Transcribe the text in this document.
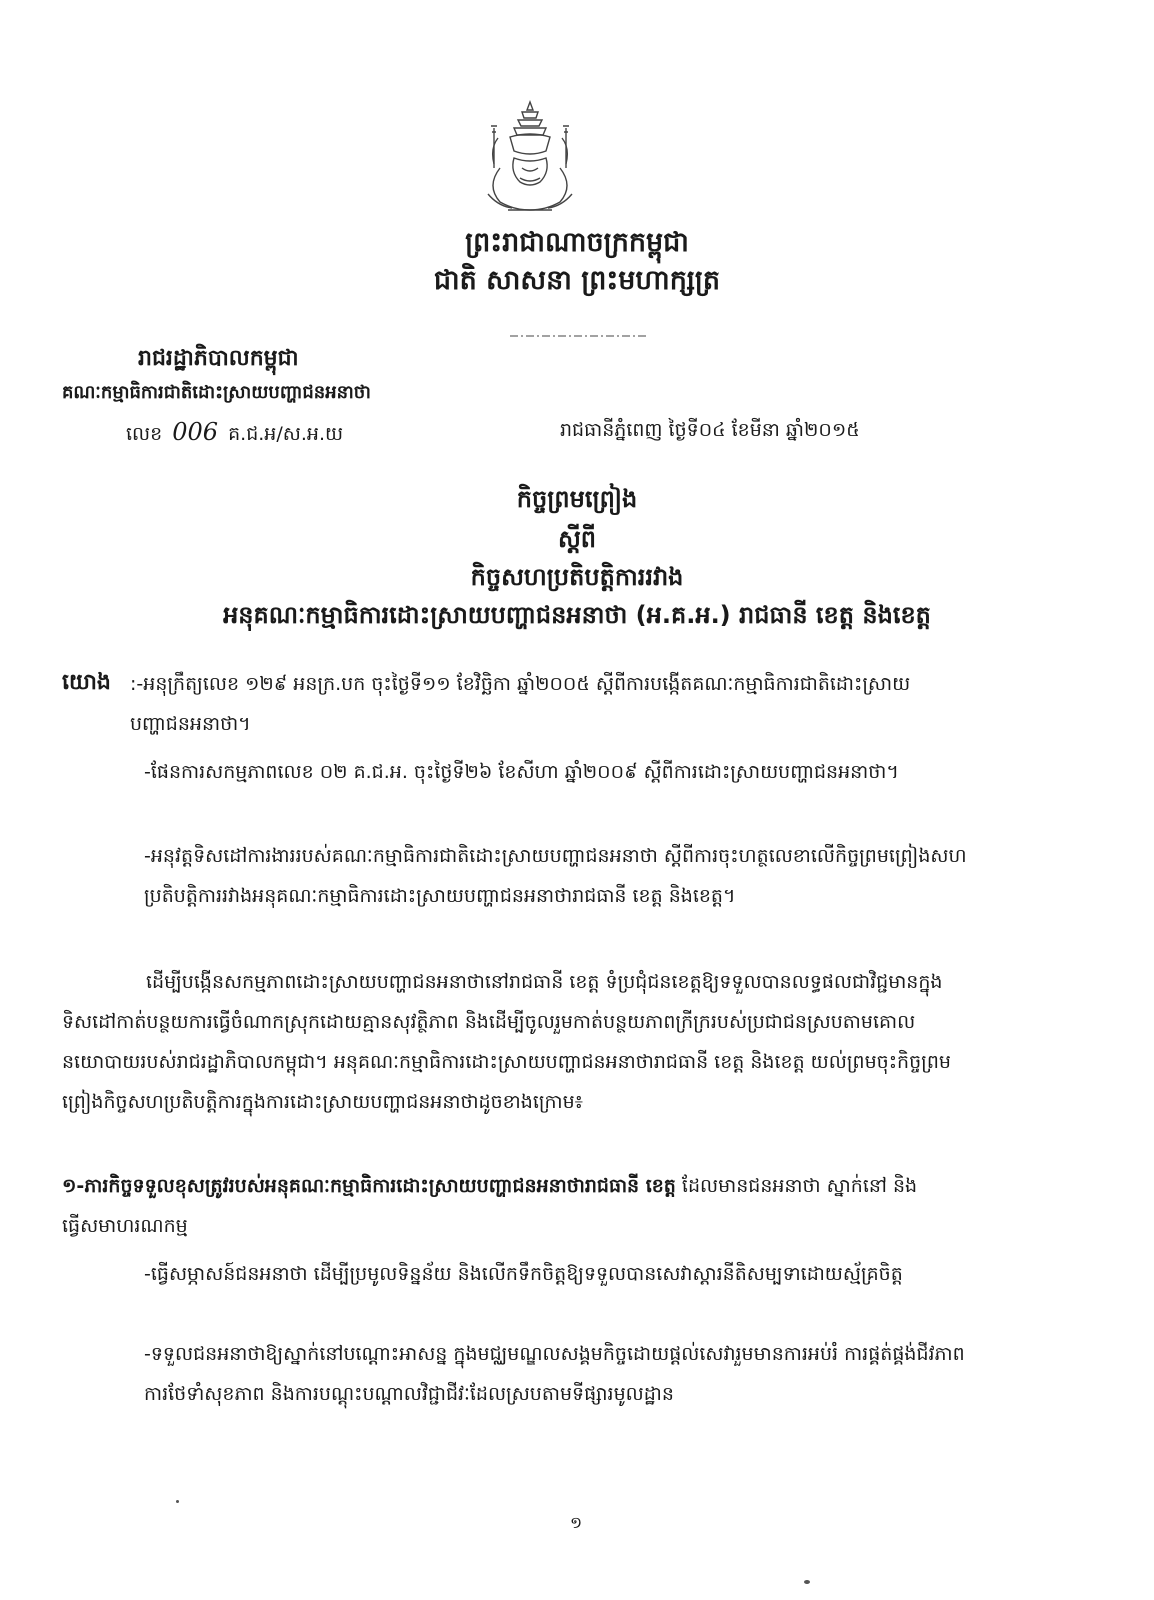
ព្រះរាជាណាចក្រកម្ពុជា
ជាតិ សាសនា ព្រះមហាក្សត្រ
រាជរដ្ឋាភិបាលកម្ពុជា
គណៈកម្មាធិការជាតិដោះស្រាយបញ្ហាជនអនាថា
លេខ 006 គ.ជ.អ/ស.អ.យ	រាជធានីភ្នំពេញ ថ្ងៃទី០៤ ខែមីនា ឆ្នាំ២០១៥
កិច្ចព្រមព្រៀង
ស្តីពី
កិច្ចសហប្រតិបត្តិការរវាង
អនុគណៈកម្មាធិការដោះស្រាយបញ្ហាជនអនាថា (អ.គ.អ.) រាជធានី ខេត្ត និងខេត្ត
យោង :-អនុក្រឹត្យលេខ ១២៩ អនក្រ.បក ចុះថ្ងៃទី១១ ខែវិច្ឆិកា ឆ្នាំ២០០៥ ស្តីពីការបង្កើតគណៈកម្មាធិការជាតិដោះស្រាយបញ្ហាជនអនាថា។
-ផែនការសកម្មភាពលេខ ០២ គ.ជ.អ. ចុះថ្ងៃទី២៦ ខែសីហា ឆ្នាំ២០០៩ ស្តីពីការដោះស្រាយបញ្ហាជនអនាថា។
-អនុវត្តទិសដៅការងាររបស់គណៈកម្មាធិការជាតិដោះស្រាយបញ្ហាជនអនាថា ស្តីពីការចុះហត្ថលេខាលើកិច្ចព្រមព្រៀងសហប្រតិបត្តិការរវាងអនុគណៈកម្មាធិការដោះស្រាយបញ្ហាជនអនាថារាជធានី ខេត្ត និងខេត្ត។
ដើម្បីបង្កើនសកម្មភាពដោះស្រាយបញ្ហាជនអនាថានៅរាជធានី ខេត្ត ទំប្រជុំជនខេត្តឱ្យទទួលបានលទ្ធផលជាវិជ្ជមានក្នុងទិសដៅកាត់បន្ថយការធ្វើចំណាកស្រុកដោយគ្មានសុវត្ថិភាព និងដើម្បីចូលរួមកាត់បន្ថយភាពក្រីក្ររបស់ប្រជាជនស្របតាមគោលនយោបាយរបស់រាជរដ្ឋាភិបាលកម្ពុជា។ អនុគណៈកម្មាធិការដោះស្រាយបញ្ហាជនអនាថារាជធានី ខេត្ត និងខេត្ត យល់ព្រមចុះកិច្ចព្រមព្រៀងកិច្ចសហប្រតិបត្តិការក្នុងការដោះស្រាយបញ្ហាជនអនាថាដូចខាងក្រោម៖
១-ភារកិច្ចទទួលខុសត្រូវរបស់អនុគណៈកម្មាធិការដោះស្រាយបញ្ហាជនអនាថារាជធានី ខេត្ត ដែលមានជនអនាថា ស្នាក់នៅ និងធ្វើសមាហរណកម្ម
-ធ្វើសម្ភាសន៍ជនអនាថា ដើម្បីប្រមូលទិន្នន័យ និងលើកទឹកចិត្តឱ្យទទួលបានសេវាស្តារនីតិសម្បទាដោយស្ម័គ្រចិត្ត
-ទទួលជនអនាថាឱ្យស្នាក់នៅបណ្តោះអាសន្ន ក្នុងមជ្ឈមណ្ឌលសង្គមកិច្ចដោយផ្តល់សេវារួមមានការអប់រំ ការផ្គត់ផ្គង់ជីវភាព ការថែទាំសុខភាព និងការបណ្តុះបណ្តាលវិជ្ជាជីវៈដែលស្របតាមទីផ្សារមូលដ្ឋាន
១
